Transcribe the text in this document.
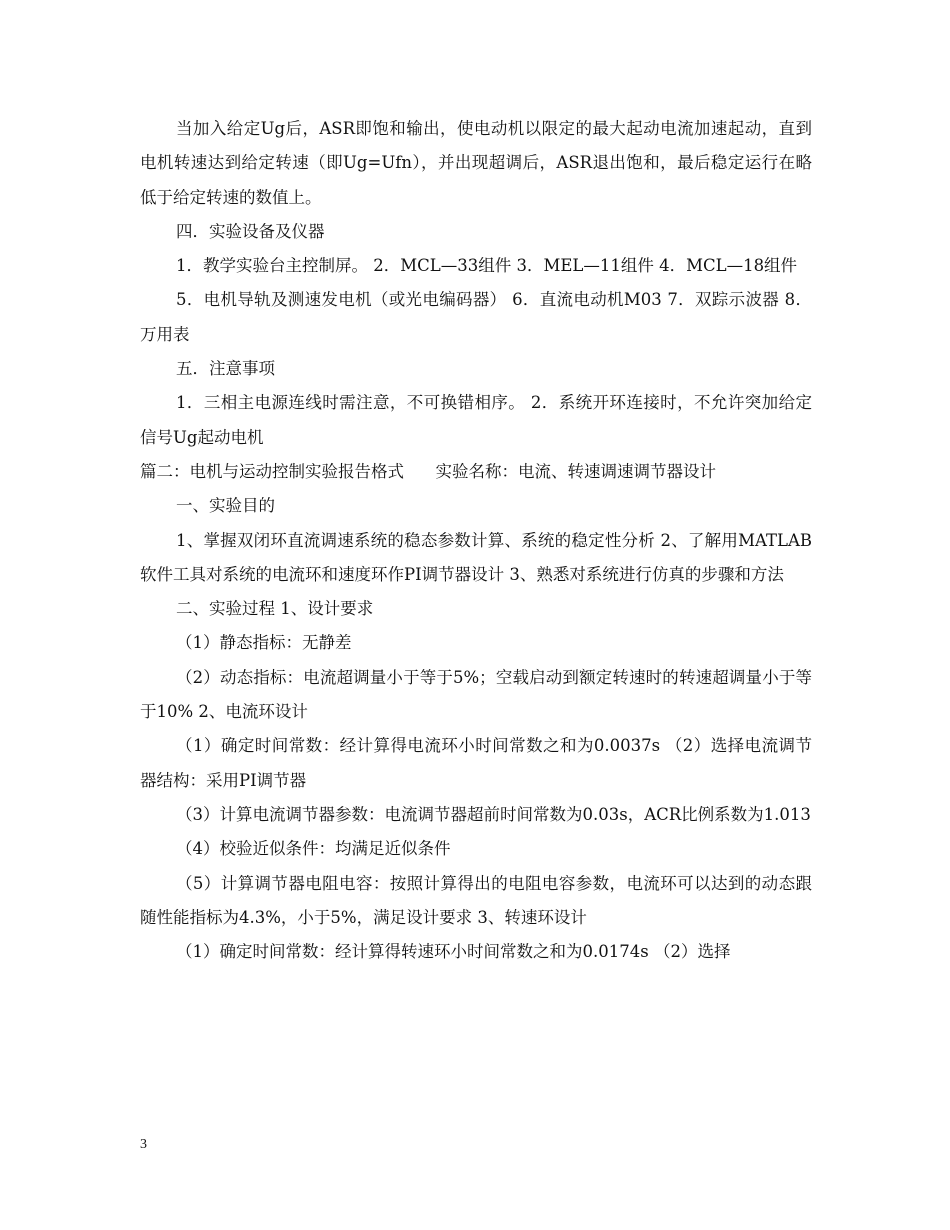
当加入给定Ug后，ASR即饱和输出，使电动机以限定的最大起动电流加速起动，直到电机转速达到给定转速（即Ug=Ufn），并出现超调后，ASR退出饱和，最后稳定运行在略低于给定转速的数值上。

四．实验设备及仪器

1．教学实验台主控制屏。 2．MCL—33组件 3．MEL—11组件 4．MCL—18组件

5．电机导轨及测速发电机（或光电编码器） 6．直流电动机M03 7．双踪示波器 8．万用表

五．注意事项

1．三相主电源连线时需注意，不可换错相序。 2．系统开环连接时，不允许突加给定信号Ug起动电机

篇二：电机与运动控制实验报告格式      实验名称：电流、转速调速调节器设计

一、实验目的

1、掌握双闭环直流调速系统的稳态参数计算、系统的稳定性分析 2、了解用MATLAB软件工具对系统的电流环和速度环作PI调节器设计 3、熟悉对系统进行仿真的步骤和方法

二、实验过程 1、设计要求

（1）静态指标：无静差

（2）动态指标：电流超调量小于等于5%；空载启动到额定转速时的转速超调量小于等于10% 2、电流环设计

（1）确定时间常数：经计算得电流环小时间常数之和为0.0037s （2）选择电流调节器结构：采用PI调节器

（3）计算电流调节器参数：电流调节器超前时间常数为0.03s，ACR比例系数为1.013

（4）校验近似条件：均满足近似条件

（5）计算调节器电阻电容：按照计算得出的电阻电容参数，电流环可以达到的动态跟随性能指标为4.3%，小于5%，满足设计要求 3、转速环设计

（1）确定时间常数：经计算得转速环小时间常数之和为0.0174s （2）选择

3
